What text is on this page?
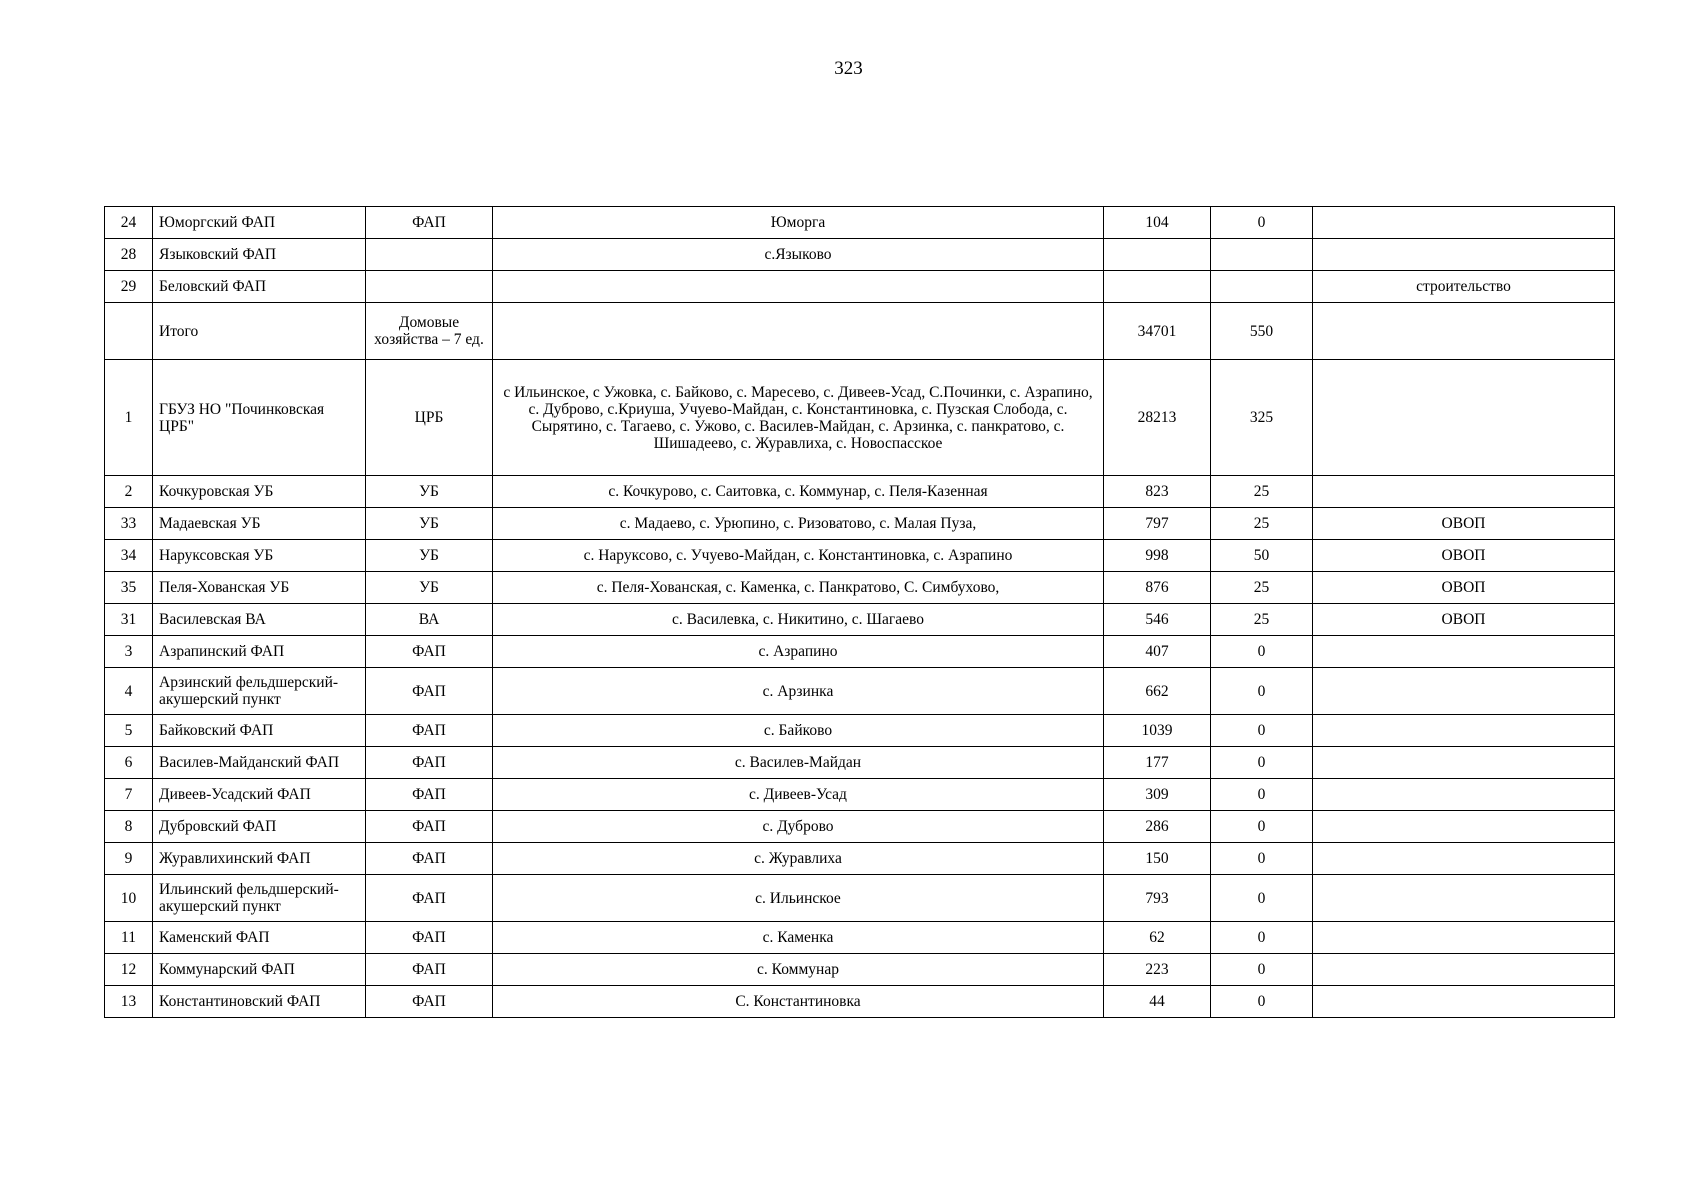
323
24	Юморгский ФАП	ФАП	Юморга	104	0	
28	Языковский ФАП		с.Языково			
29	Беловский ФАП					строительство
	Итого	Домовые хозяйства – 7 ед.		34701	550	
1	ГБУЗ НО "Починковская ЦРБ"	ЦРБ	с Ильинское, с Ужовка, с. Байково, с. Маресево, с. Дивеев-Усад, С.Починки, с. Азрапино, с. Дуброво, с.Криуша, Учуево-Майдан, с. Константиновка, с. Пузская Слобода, с. Сырятино, с. Тагаево, с. Ужово, с. Василев-Майдан, с. Арзинка, с. панкратово, с. Шишадеево, с. Журавлиха, с. Новоспасское	28213	325	
2	Кочкуровская УБ	УБ	с. Кочкурово, с. Саитовка, с. Коммунар, с. Пеля-Казенная	823	25	
33	Мадаевская УБ	УБ	с. Мадаево, с. Урюпино, с. Ризоватово, с. Малая Пуза,	797	25	ОВОП
34	Наруксовская УБ	УБ	с. Наруксово, с. Учуево-Майдан, с. Константиновка, с. Азрапино	998	50	ОВОП
35	Пеля-Хованская УБ	УБ	с. Пеля-Хованская, с. Каменка, с. Панкратово, С. Симбухово,	876	25	ОВОП
31	Василевская ВА	ВА	с. Василевка, с. Никитино, с. Шагаево	546	25	ОВОП
3	Азрапинский ФАП	ФАП	с. Азрапино	407	0	
4	Арзинский фельдшерский-акушерский пункт	ФАП	с. Арзинка	662	0	
5	Байковский ФАП	ФАП	с. Байково	1039	0	
6	Василев-Майданский ФАП	ФАП	с. Василев-Майдан	177	0	
7	Дивеев-Усадский ФАП	ФАП	с. Дивеев-Усад	309	0	
8	Дубровский ФАП	ФАП	с. Дуброво	286	0	
9	Журавлихинский ФАП	ФАП	с. Журавлиха	150	0	
10	Ильинский фельдшерский-акушерский пункт	ФАП	с. Ильинское	793	0	
11	Каменский ФАП	ФАП	с. Каменка	62	0	
12	Коммунарский ФАП	ФАП	с. Коммунар	223	0	
13	Константиновский ФАП	ФАП	С. Константиновка	44	0	
